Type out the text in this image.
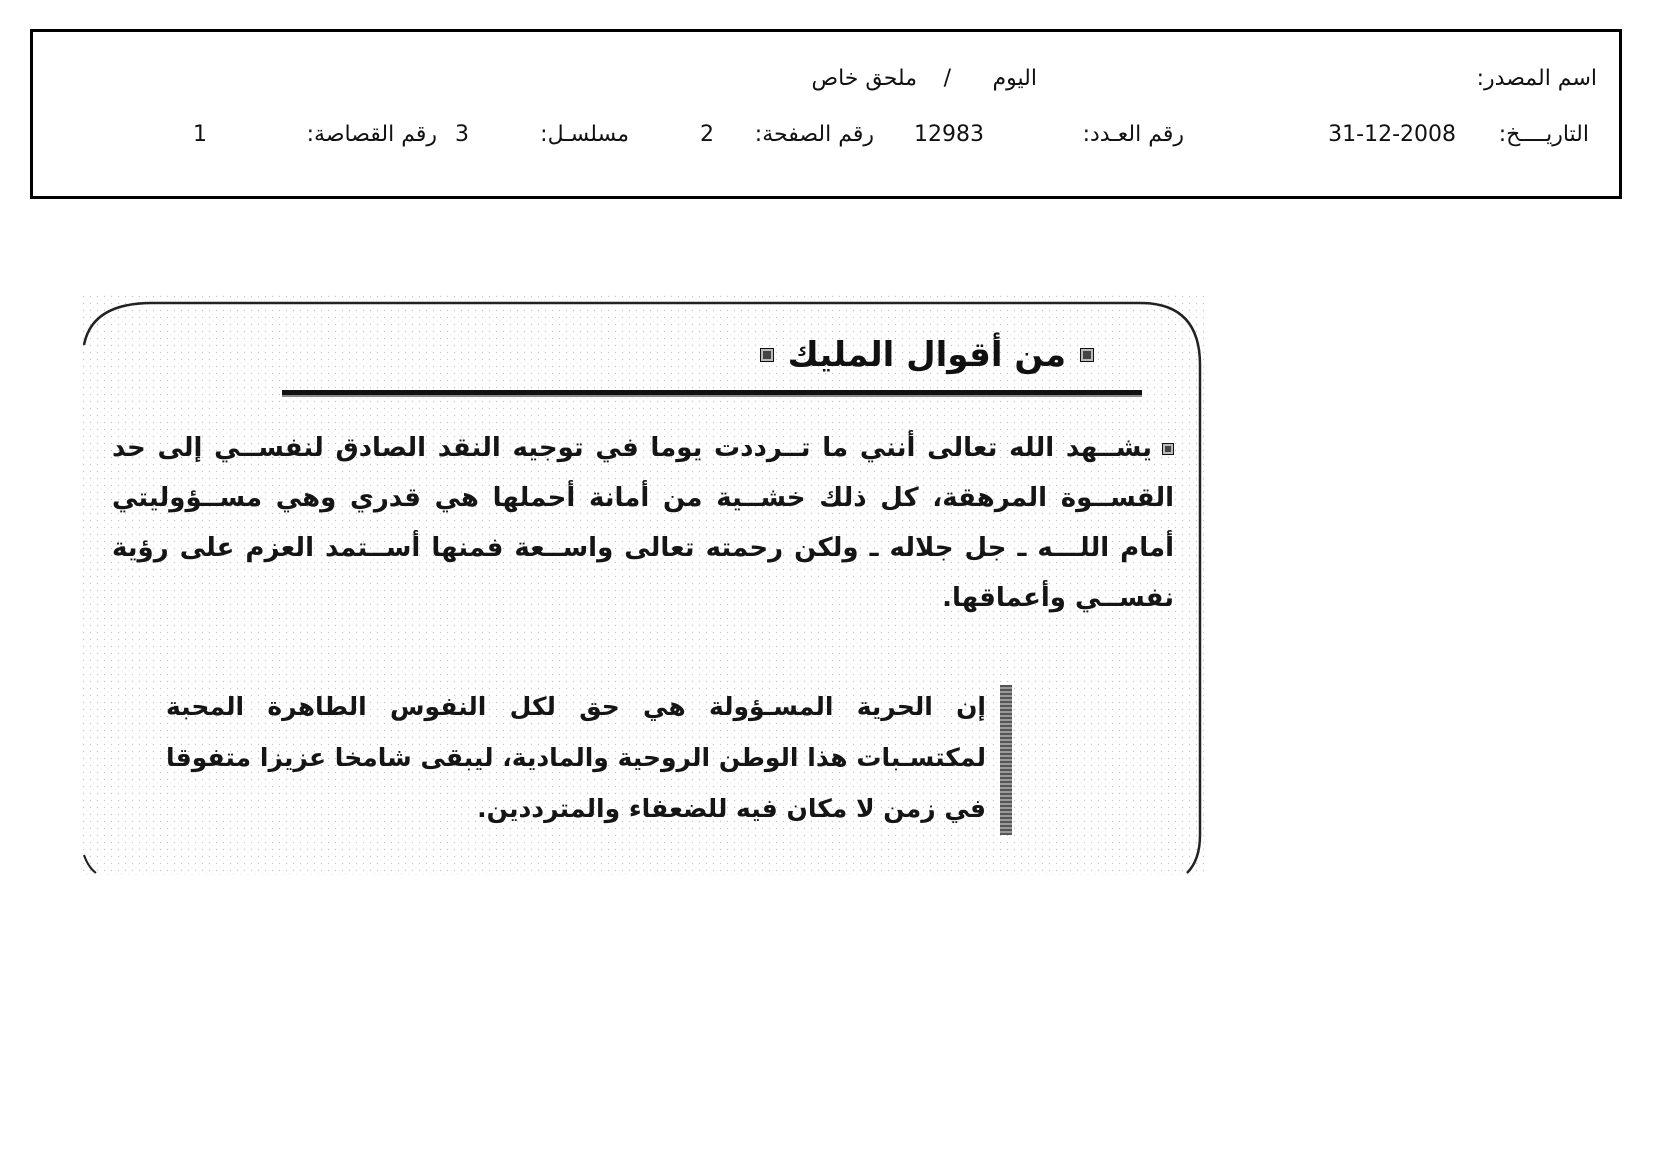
اسم المصدر:
اليوم
/
ملحق خاص
التاريــــخ:
31-12-2008
رقم العـدد:
12983
رقم الصفحة:
2
مسلسـل:
3
رقم القصاصة:
1
من أقوال المليك

يشــهد الله تعالى أنني ما تــرددت يوما في توجيه النقد الصادق لنفســي إلى حد القســوة المرهقة، كل ذلك خشــية من أمانة أحملها هي قدري وهي مســؤوليتي أمام اللـــه ـ جل جلاله ـ ولكن رحمته تعالى واســعة فمنها أســتمد العزم على رؤية نفســي وأعماقها.

إن الحرية المسـؤولة هي حق لكل النفوس الطاهرة المحبة لمكتسـبات هذا الوطن الروحية والمادية، ليبقى شامخا عزيزا متفوقا في زمن لا مكان فيه للضعفاء والمترددين.
